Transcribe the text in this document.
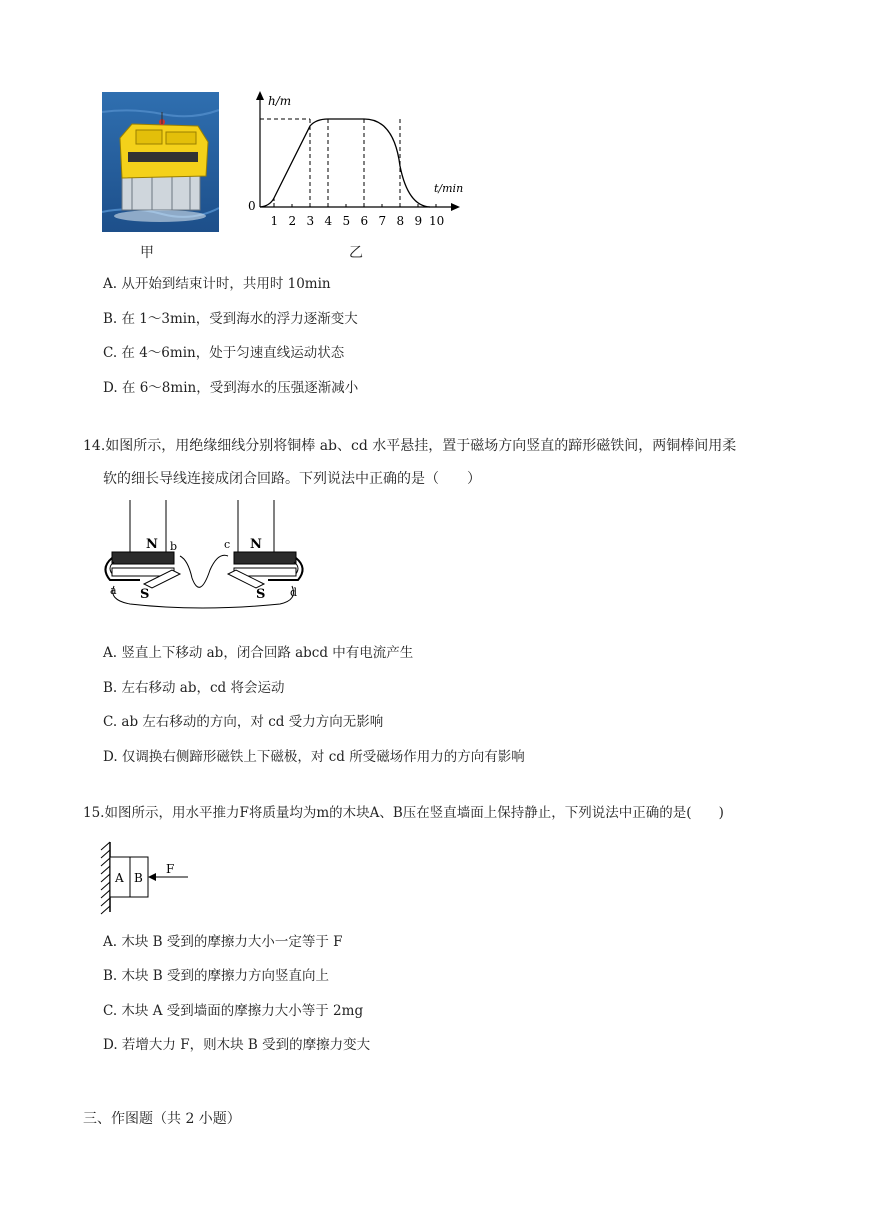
甲
h/m
t/min
0
1 2 3 4 5 6 7 8 9 10
乙
A. 从开始到结束计时，共用时 10min
B. 在 1～3min，受到海水的浮力逐渐变大
C. 在 4～6min，处于匀速直线运动状态
D. 在 6～8min，受到海水的压强逐渐减小
14.如图所示，用绝缘细线分别将铜棒 ab、cd 水平悬挂，置于磁场方向竖直的蹄形磁铁间，两铜棒间用柔
软的细长导线连接成闭合回路。下列说法中正确的是（　　）
N	N
S	S
a
b	c
d
A. 竖直上下移动 ab，闭合回路 abcd 中有电流产生
B. 左右移动 ab，cd 将会运动
C. ab 左右移动的方向，对 cd 受力方向无影响
D. 仅调换右侧蹄形磁铁上下磁极，对 cd 所受磁场作用力的方向有影响
15.如图所示，用水平推力F将质量均为m的木块A、B压在竖直墙面上保持静止，下列说法中正确的是(　　)
A B
F
A. 木块 B 受到的摩擦力大小一定等于 F
B. 木块 B 受到的摩擦力方向竖直向上
C. 木块 A 受到墙面的摩擦力大小等于 2mg
D. 若增大力 F，则木块 B 受到的摩擦力变大
三、作图题（共 2 小题）
